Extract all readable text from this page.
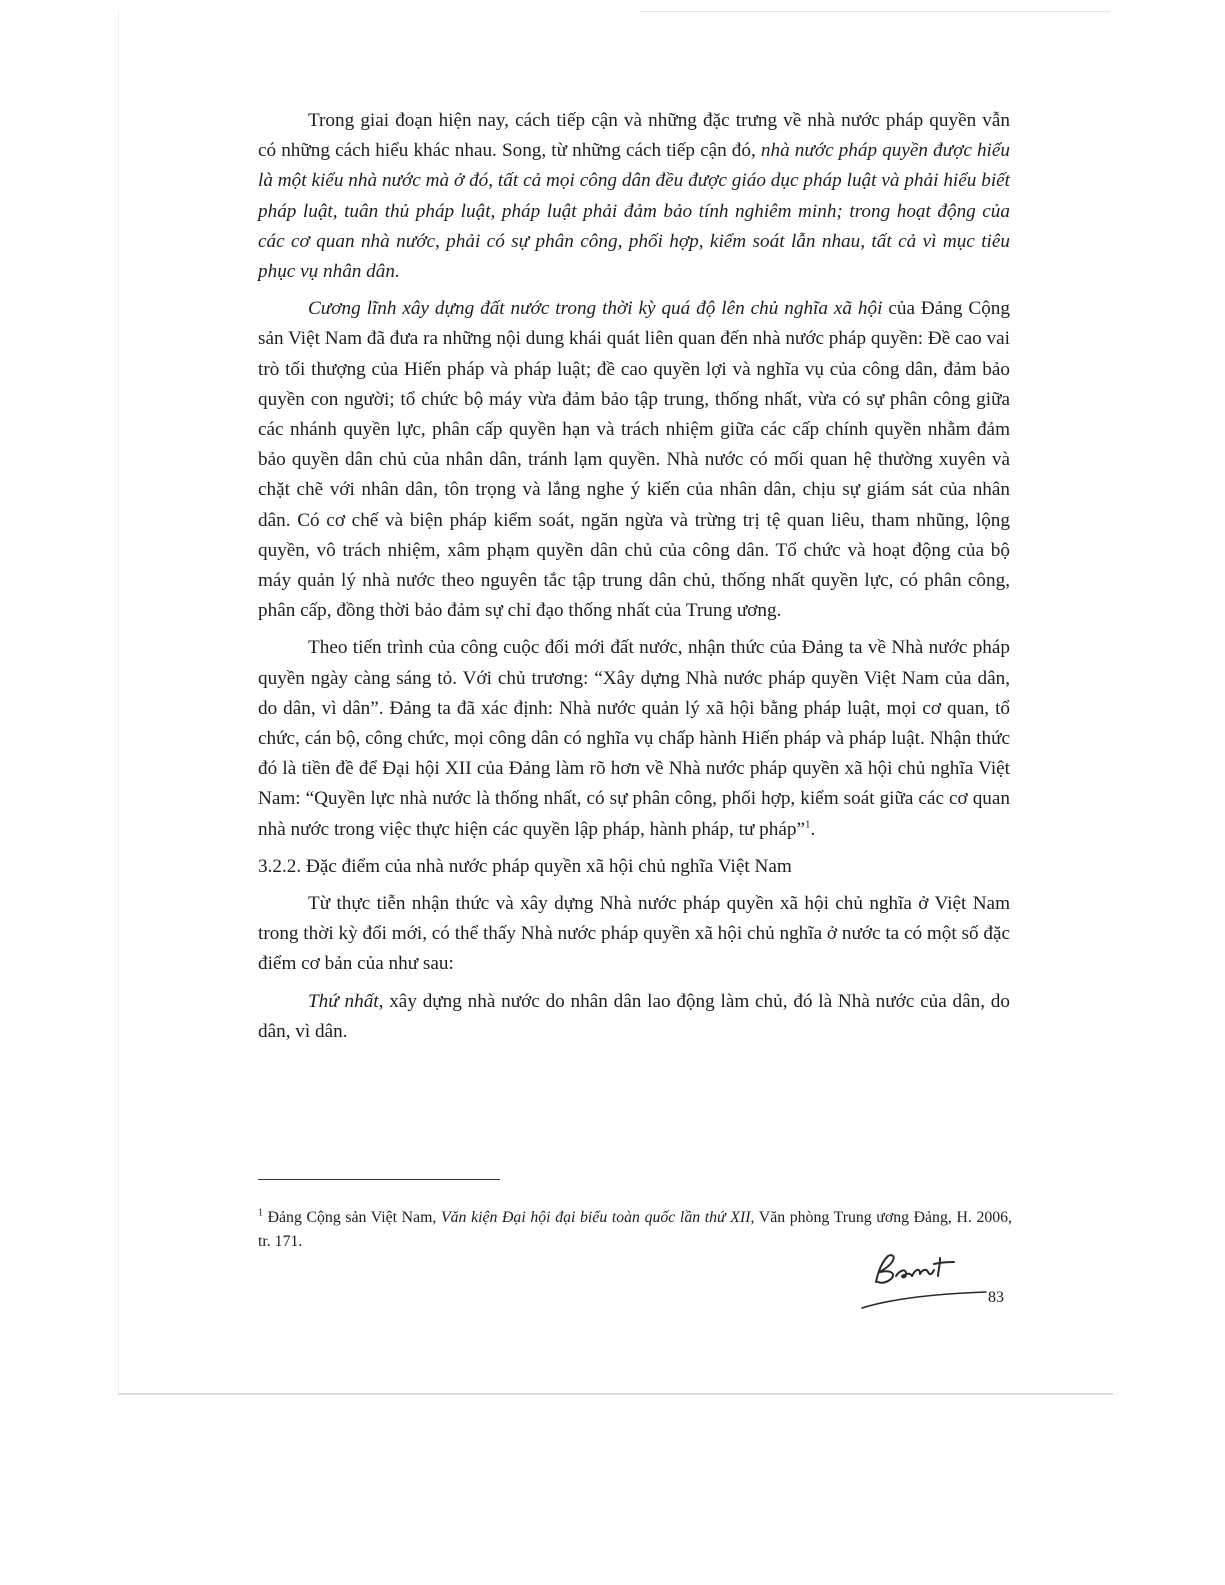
Trong giai đoạn hiện nay, cách tiếp cận và những đặc trưng về nhà nước pháp quyền vẫn có những cách hiểu khác nhau. Song, từ những cách tiếp cận đó, nhà nước pháp quyền được hiểu là một kiểu nhà nước mà ở đó, tất cả mọi công dân đều được giáo dục pháp luật và phải hiểu biết pháp luật, tuân thủ pháp luật, pháp luật phải đảm bảo tính nghiêm minh; trong hoạt động của các cơ quan nhà nước, phải có sự phân công, phối hợp, kiểm soát lẫn nhau, tất cả vì mục tiêu phục vụ nhân dân.

Cương lĩnh xây dựng đất nước trong thời kỳ quá độ lên chủ nghĩa xã hội của Đảng Cộng sản Việt Nam đã đưa ra những nội dung khái quát liên quan đến nhà nước pháp quyền: Đề cao vai trò tối thượng của Hiến pháp và pháp luật; đề cao quyền lợi và nghĩa vụ của công dân, đảm bảo quyền con người; tổ chức bộ máy vừa đảm bảo tập trung, thống nhất, vừa có sự phân công giữa các nhánh quyền lực, phân cấp quyền hạn và trách nhiệm giữa các cấp chính quyền nhằm đảm bảo quyền dân chủ của nhân dân, tránh lạm quyền. Nhà nước có mối quan hệ thường xuyên và chặt chẽ với nhân dân, tôn trọng và lắng nghe ý kiến của nhân dân, chịu sự giám sát của nhân dân. Có cơ chế và biện pháp kiểm soát, ngăn ngừa và trừng trị tệ quan liêu, tham nhũng, lộng quyền, vô trách nhiệm, xâm phạm quyền dân chủ của công dân. Tổ chức và hoạt động của bộ máy quản lý nhà nước theo nguyên tắc tập trung dân chủ, thống nhất quyền lực, có phân công, phân cấp, đồng thời bảo đảm sự chỉ đạo thống nhất của Trung ương.

Theo tiến trình của công cuộc đổi mới đất nước, nhận thức của Đảng ta về Nhà nước pháp quyền ngày càng sáng tỏ. Với chủ trương: “Xây dựng Nhà nước pháp quyền Việt Nam của dân, do dân, vì dân”. Đảng ta đã xác định: Nhà nước quản lý xã hội bằng pháp luật, mọi cơ quan, tổ chức, cán bộ, công chức, mọi công dân có nghĩa vụ chấp hành Hiến pháp và pháp luật. Nhận thức đó là tiền đề để Đại hội XII của Đảng làm rõ hơn về Nhà nước pháp quyền xã hội chủ nghĩa Việt Nam: “Quyền lực nhà nước là thống nhất, có sự phân công, phối hợp, kiểm soát giữa các cơ quan nhà nước trong việc thực hiện các quyền lập pháp, hành pháp, tư pháp”$^1$.

3.2.2. Đặc điểm của nhà nước pháp quyền xã hội chủ nghĩa Việt Nam

Từ thực tiễn nhận thức và xây dựng Nhà nước pháp quyền xã hội chủ nghĩa ở Việt Nam trong thời kỳ đổi mới, có thể thấy Nhà nước pháp quyền xã hội chủ nghĩa ở nước ta có một số đặc điểm cơ bản của như sau:

Thứ nhất, xây dựng nhà nước do nhân dân lao động làm chủ, đó là Nhà nước của dân, do dân, vì dân.

$^1$ Đảng Cộng sản Việt Nam, Văn kiện Đại hội đại biểu toàn quốc lần thứ XII, Văn phòng Trung ương Đảng, H. 2006, tr. 171.
83
